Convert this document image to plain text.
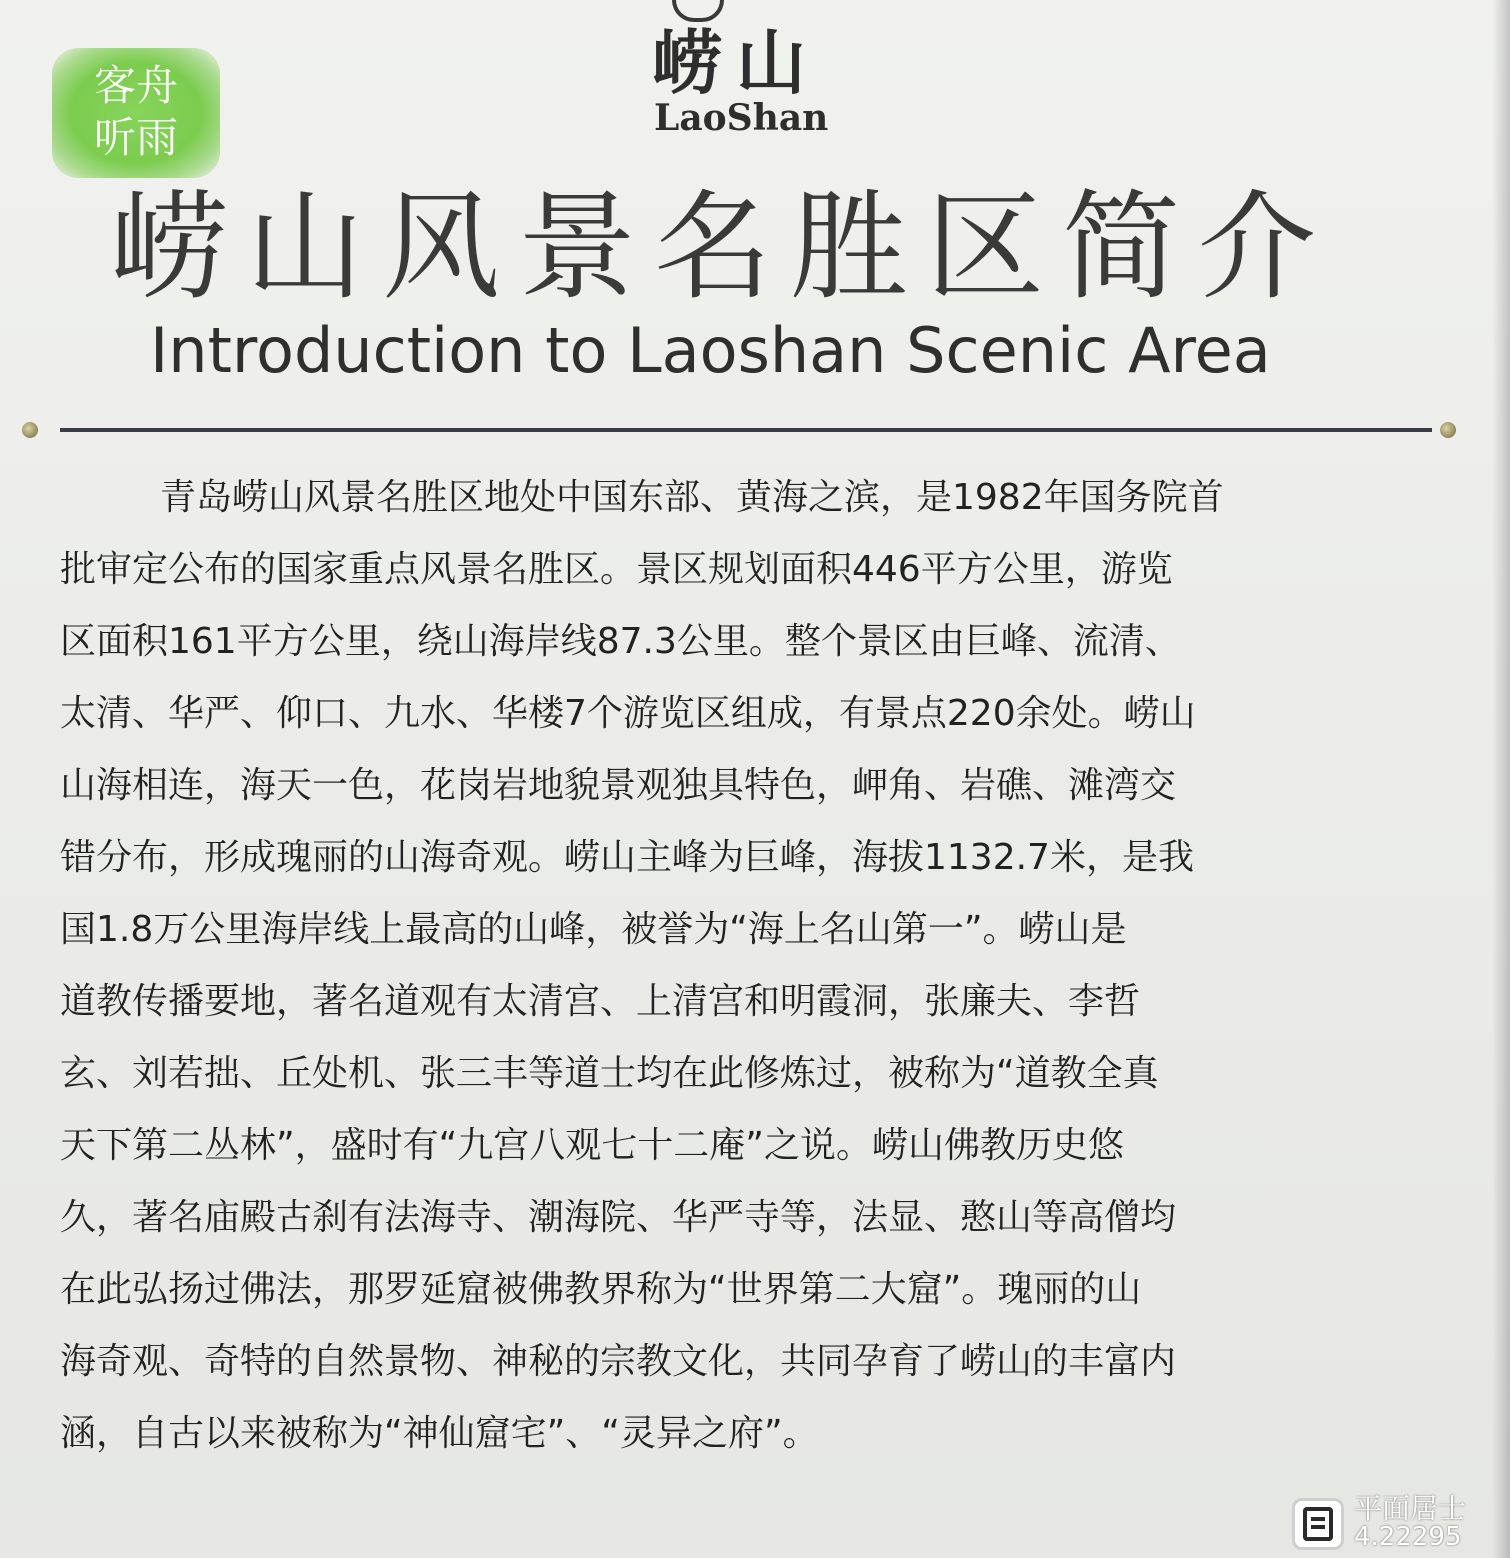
崂山
LaoShan
客舟
听雨
崂山风景名胜区简介
Introduction to Laoshan Scenic Area
青岛崂山风景名胜区地处中国东部、黄海之滨，是1982年国务院首
批审定公布的国家重点风景名胜区。景区规划面积446平方公里，游览
区面积161平方公里，绕山海岸线87.3公里。整个景区由巨峰、流清、
太清、华严、仰口、九水、华楼7个游览区组成，有景点220余处。崂山
山海相连，海天一色，花岗岩地貌景观独具特色，岬角、岩礁、滩湾交
错分布，形成瑰丽的山海奇观。崂山主峰为巨峰，海拔1132.7米，是我
国1.8万公里海岸线上最高的山峰，被誉为“海上名山第一”。崂山是
道教传播要地，著名道观有太清宫、上清宫和明霞洞，张廉夫、李哲
玄、刘若拙、丘处机、张三丰等道士均在此修炼过，被称为“道教全真
天下第二丛林”，盛时有“九宫八观七十二庵”之说。崂山佛教历史悠
久，著名庙殿古刹有法海寺、潮海院、华严寺等，法显、憨山等高僧均
在此弘扬过佛法，那罗延窟被佛教界称为“世界第二大窟”。瑰丽的山
海奇观、奇特的自然景物、神秘的宗教文化，共同孕育了崂山的丰富内
涵，自古以来被称为“神仙窟宅”、“灵异之府”。
平面居士
4.22295
